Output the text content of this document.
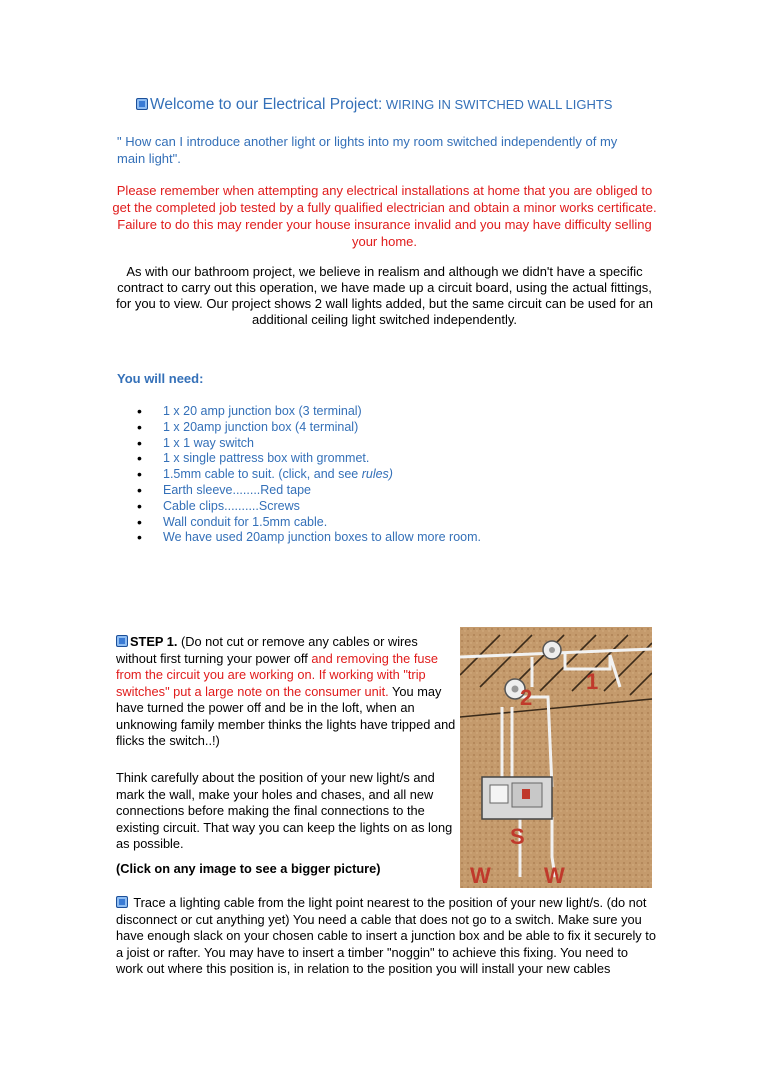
Welcome to our Electrical Project: WIRING IN SWITCHED WALL LIGHTS
" How can I introduce another light or lights into my room switched independently of my main light".
Please remember when attempting any electrical installations at home that you are obliged to get the completed job tested by a fully qualified electrician and obtain a minor works certificate. Failure to do this may render your house insurance invalid and you may have difficulty selling your home.
As with our bathroom project, we believe in realism and although we didn't have a specific contract to carry out this operation, we have made up a circuit board, using the actual fittings, for you to view. Our project shows 2 wall lights added, but the same circuit can be used for an additional ceiling light switched independently.
You will need:
• 1 x 20 amp junction box (3 terminal)
• 1 x 20amp junction box (4 terminal)
• 1 x 1 way switch
• 1 x single pattress box with grommet.
• 1.5mm cable to suit. (click, and see rules)
• Earth sleeve........Red tape
• Cable clips..........Screws
• Wall conduit for 1.5mm cable.
• We have used 20amp junction boxes to allow more room.
STEP 1. (Do not cut or remove any cables or wires without first turning your power off and removing the fuse from the circuit you are working on. If working with "trip switches" put a large note on the consumer unit. You may have turned the power off and be in the loft, when an unknowing family member thinks the lights have tripped and flicks the switch..!)
Think carefully about the position of your new light/s and mark the wall, make your holes and chases, and all new connections before making the final connections to the existing circuit. That way you can keep the lights on as long as possible.
(Click on any image to see a bigger picture)
Trace a lighting cable from the light point nearest to the position of your new light/s. (do not disconnect or cut anything yet) You need a cable that does not go to a switch. Make sure you have enough slack on your chosen cable to insert a junction box and be able to fix it securely to a joist or rafter. You may have to insert a timber "noggin" to achieve this fixing. You need to work out where this position is, in relation to the position you will install your new cables
1
2
S
W W
